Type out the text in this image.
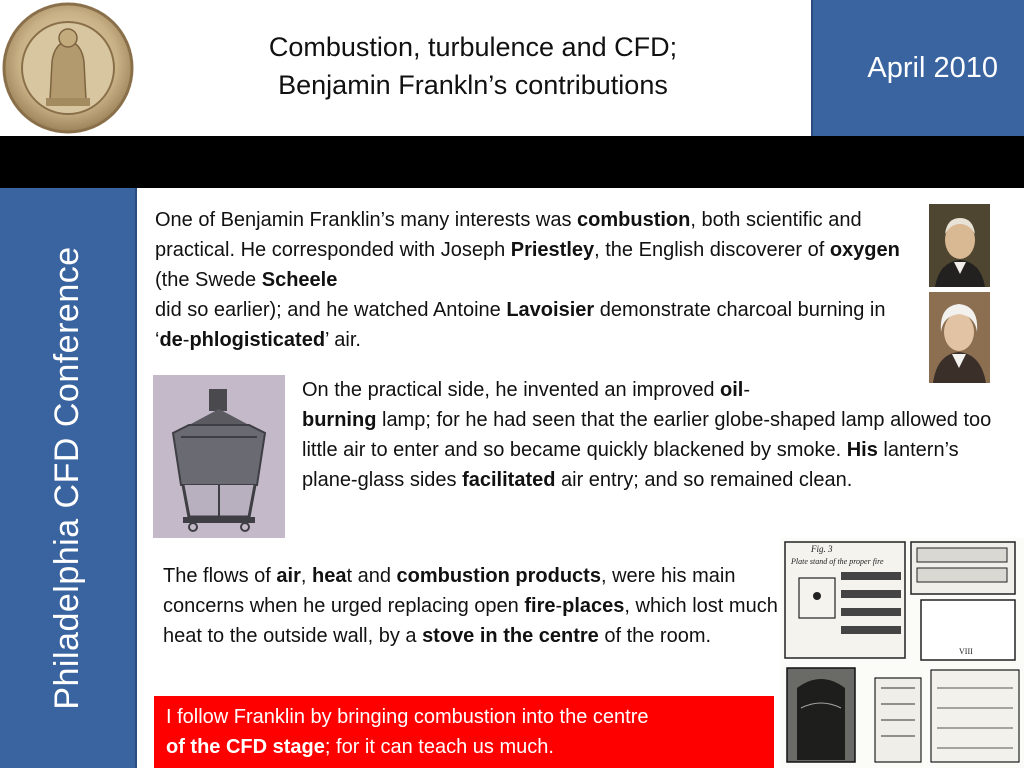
Combustion, turbulence and CFD;
Benjamin Frankln’s contributions
April 2010
Philadelphia CFD Conference
One of Benjamin Franklin’s many interests was combustion, both scientific and practical. He corresponded with Joseph Priestley, the English discoverer of oxygen (the Swede Scheele
did so earlier); and he watched Antoine Lavoisier demonstrate charcoal burning in ‘de-phlogisticated’ air.
On the practical side, he invented an improved oil-
burning lamp; for he had seen that the earlier globe-shaped lamp allowed too little air to enter and so became quickly blackened by smoke. His lantern’s plane-glass sides facilitated air entry; and so remained clean.
The flows of air, heat and combustion products, were his main concerns when he urged replacing open fire-places, which lost much heat to the outside wall, by a stove in the centre of the room.
Fig. 3
Plate stand of the proper fire
VIII
I follow Franklin by bringing combustion into the centre
of the CFD stage; for it can teach us much.
